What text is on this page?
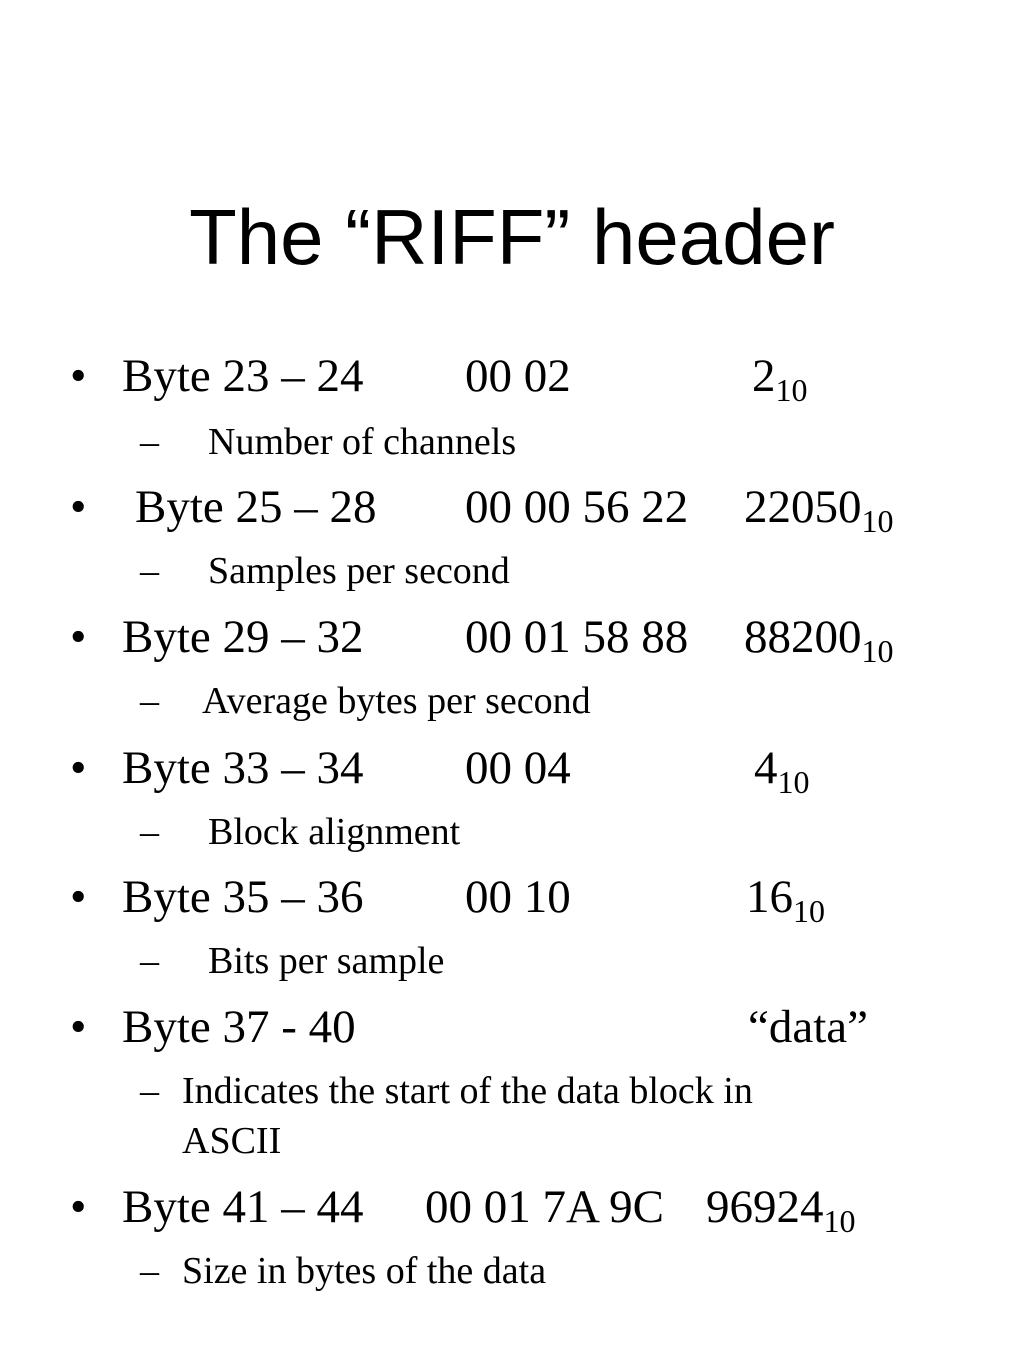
The “RIFF” header
• Byte 23 – 24 00 02	$2_{10}$
– Number of channels
• Byte 25 – 28 00 00 56 22 $22050_{10}$
– Samples per second
• Byte 29 – 32 00 01 58 88 $88200_{10}$
– Average bytes per second
• Byte 33 – 34 00 04	$4_{10}$
– Block alignment
• Byte 35 – 36 00 10	$16_{10}$
– Bits per sample
• Byte 37 - 40	“data”
– Indicates the start of the data block in
ASCII
• Byte 41 – 44 00 01 7A 9C $96924_{10}$
– Size in bytes of the data
